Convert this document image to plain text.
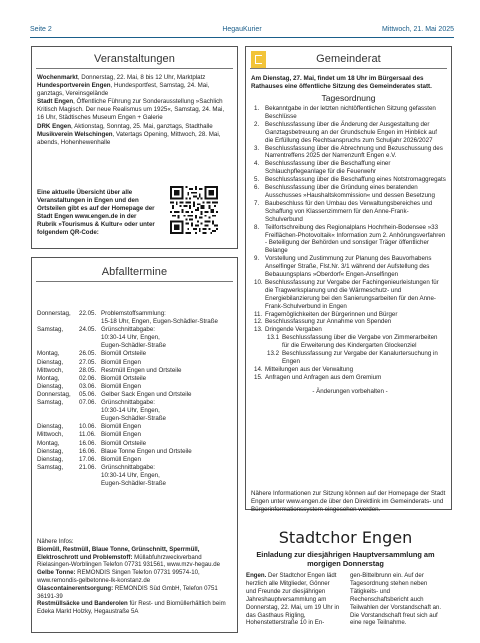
Seite 2	HegauKurier	Mittwoch, 21. Mai 2025
Veranstaltungen

Wochenmarkt, Donnerstag, 22. Mai, 8 bis 12 Uhr, Marktplatz

Hundesportverein Engen, Hundesportfest, Samstag, 24. Mai, ganztags, Vereinsgelände

Stadt Engen, Öffentliche Führung zur Sonderausstellung »Sachlich Kritisch Magisch. Der neue Realismus um 1925«, Samstag, 24. Mai, 16 Uhr, Städtisches Museum Engen + Galerie

DRK Engen, Aktionstag, Sonntag, 25. Mai, ganztags, Stadthalle

Musikverein Welschingen, Vatertags Opening, Mittwoch, 28. Mai, abends, Hohenhewenhalle

Eine aktuelle Übersicht über alle Veranstaltungen in Engen und den Ortsteilen gibt es auf der Homepage der Stadt Engen www.engen.de in der Rubrik »Tourismus & Kultur« oder unter folgendem QR-Code:
Abfalltermine
Donnerstag, 22.05. Problemstoffsammlung:
15-18 Uhr, Engen, Eugen-Schädler-Straße
Samstag,	24.05. Grünschnittabgabe:
10:30-14 Uhr, Engen,
Eugen-Schädler-Straße
Montag,	26.05. Biomüll Ortsteile
Dienstag,	27.05. Biomüll Engen
Mittwoch,	28.05. Restmüll Engen und Ortsteile
Montag,	02.06. Biomüll Ortsteile
Dienstag,	03.06. Biomüll Engen
Donnerstag, 05.06. Gelber Sack Engen und Ortsteile
Samstag,	07.06. Grünschnittabgabe:
10:30-14 Uhr, Engen,
Eugen-Schädler-Straße
Dienstag,	10.06. Biomüll Engen
Mittwoch,	11.06. Biomüll Engen
Montag,	16.06. Biomüll Ortsteile
Dienstag,	16.06. Blaue Tonne Engen und Ortsteile
Dienstag,	17.06. Biomüll Engen
Samstag,	21.06. Grünschnittabgabe:
10:30-14 Uhr, Engen,
Eugen-Schädler-Straße
Nähere Infos:
Biomüll, Restmüll, Blaue Tonne, Grünschnitt, Sperrmüll, Elektroschrott und Problemstoff: Müllabfuhrzweckverband Rielasingen-Worblingen Telefon 07731 931561, www.mzv-hegau.de
Gelbe Tonne: REMONDIS Singen Telefon 07731 99574-10, www.remondis-gelbetonne-lk-konstanz.de
Glascontainerentsorgung: REMONDIS Süd GmbH, Telefon 0751 36191-39
Restmüllsäcke und Banderolen für Rest- und Biomüllerhältlich beim Edeka Markt Holzky, Hegaustraße 5A
Gemeinderat
Am Dienstag, 27. Mai, findet um 18 Uhr im Bürgersaal des Rathauses eine öffentliche Sitzung des Gemeinderates statt.
Tagesordnung
1. Bekanntgabe in der letzten nichtöffentlichen Sitzung gefassten Beschlüsse
2. Beschlussfassung über die Änderung der Ausgestaltung der Ganztagsbetreuung an der Grundschule Engen im Hinblick auf die Erfüllung des Rechtsanspruchs zum Schuljahr 2026/2027
3. Beschlussfassung über die Abrechnung und Bezuschussung des Narrentreffens 2025 der Narrenzunft Engen e.V.
4. Beschlussfassung über die Beschaffung einer Schlauchpflegeanlage für die Feuerwehr
5. Beschlussfassung über die Beschaffung eines Notstromaggregats
6. Beschlussfassung über die Gründung eines beratenden Ausschusses »Haushaltskommission« und dessen Besetzung
7. Baubeschluss für den Umbau des Verwaltungsbereiches und Schaffung von Klassenzimmern für den Anne-Frank-Schulverbund
8. Teilfortschreibung des Regionalplans Hochrhein-Bodensee »33 Freiflächen-Photovoltaik« Information zum 2. Anhörungsverfahren - Beteiligung der Behörden und sonstiger Träger öffentlicher Belange
9. Vorstellung und Zustimmung zur Planung des Bauvorhabens Anselfinger Straße, Flst.Nr. 3/1 während der Aufstellung des Bebauungsplans »Oberdorf« Engen-Anselfingen
10. Beschlussfassung zur Vergabe der Fachingenieurleistungen für die Tragwerksplanung und die Wärmeschutz- und Energiebilanzierung bei den Sanierungsarbeiten für den Anne-Frank-Schulverbund in Engen
11. Fragemöglichkeiten der Bürgerinnen und Bürger
12. Beschlussfassung zur Annahme von Spenden
13. Dringende Vergaben
13.1 Beschlussfassung über die Vergabe von Zimmerarbeiten für die Erweiterung des Kindergarten Glockenziel
13.2 Beschlussfassung zur Vergabe der Kanalurtersuchung in Engen
14. Mitteilungen aus der Verwaltung
15. Anfragen und Anfragen aus dem Gremium
- Änderungen vorbehalten -
Nähere Informationen zur Sitzung können auf der Homepage der Stadt Engen unter www.engen.de über den Direktlink im Gemeinderats- und Bürgerinformationssystem eingesehen werden.
Stadtchor Engen
Einladung zur diesjährigen Hauptversammlung am morgigen Donnerstag
Engen. Der Stadtchor Engen lädt herzlich alle Mitglieder, Gönner und Freunde zur diesjährigen Jahreshauptversammlung am Donnerstag, 22. Mai, um 19 Uhr in das Gasthaus Rigling, Hohenstetterstraße 10 in En-
gen-Bittelbrunn ein. Auf der Tagesordnung stehen neben Tätigkeits- und Rechenschaftsbericht auch Teilwahlen der Vorstandschaft an. Die Vorstandschaft freut sich auf eine rege Teilnahme.
